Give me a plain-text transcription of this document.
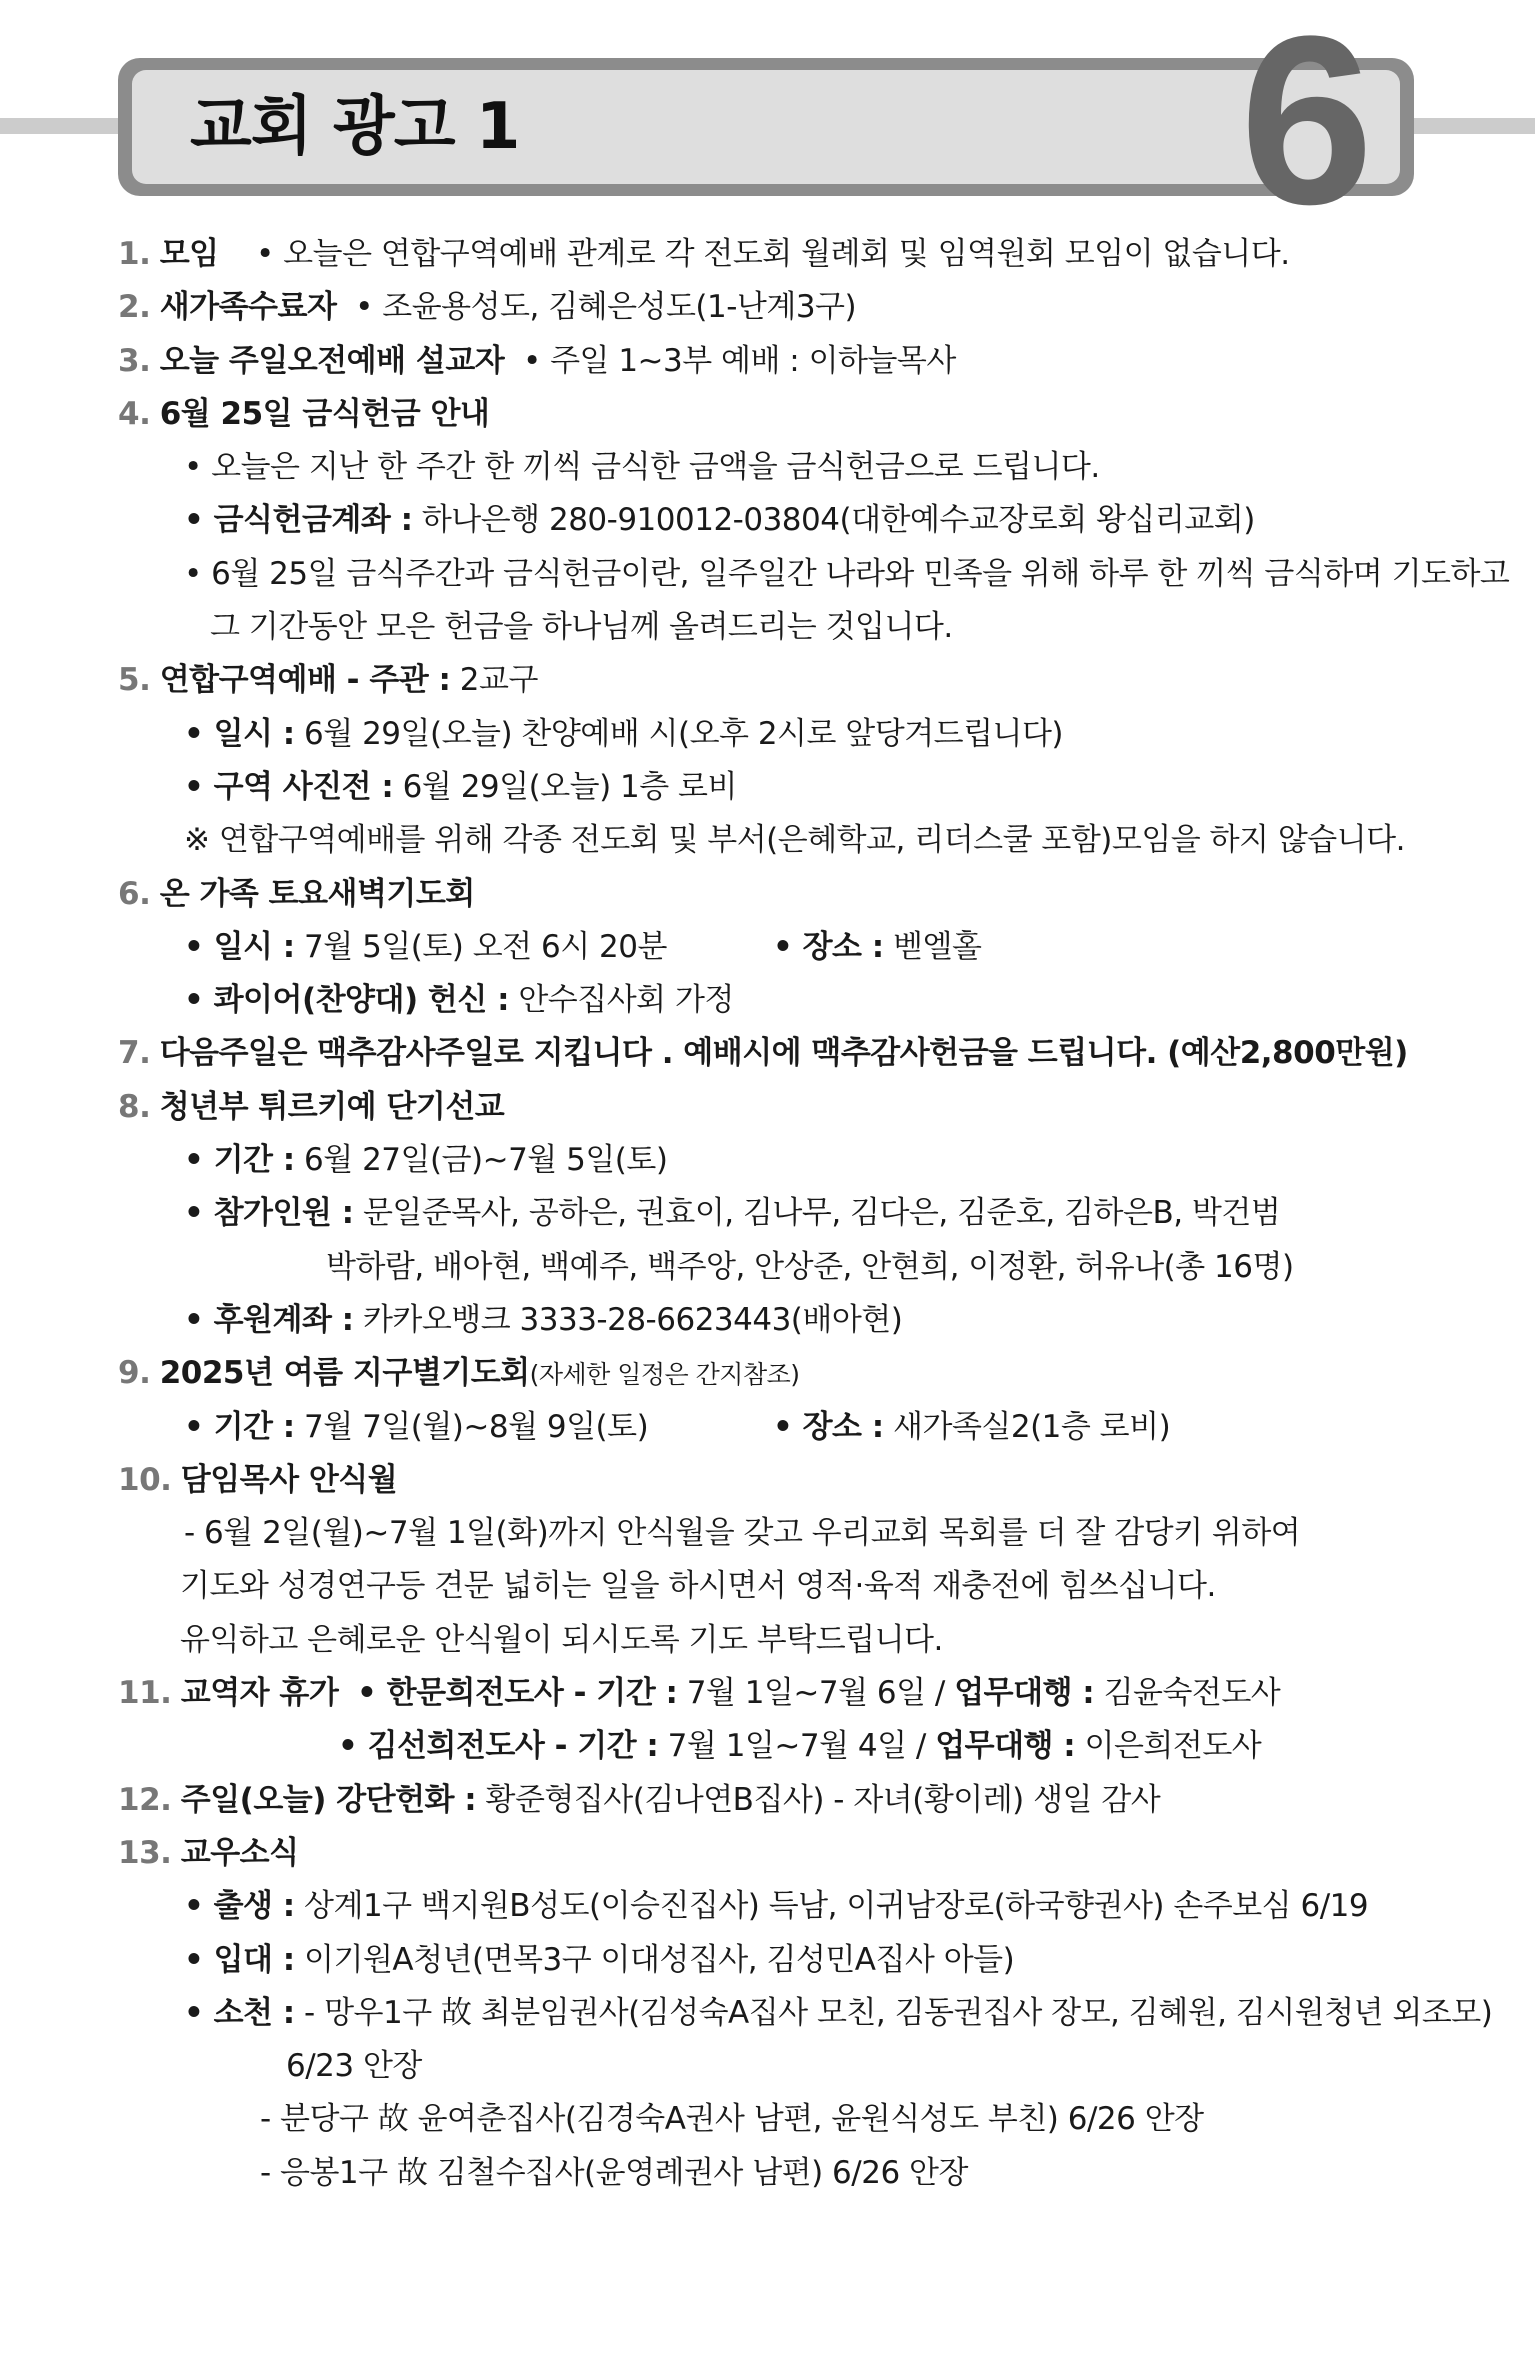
교회 광고 1	6
1. 모임 • 오늘은 연합구역예배 관계로 각 전도회 월례회 및 임역원회 모임이 없습니다.
2. 새가족수료자 • 조윤용성도, 김혜은성도(1-난계3구)
3. 오늘 주일오전예배 설교자 • 주일 1~3부 예배 : 이하늘목사
4. 6월 25일 금식헌금 안내
• 오늘은 지난 한 주간 한 끼씩 금식한 금액을 금식헌금으로 드립니다.
• 금식헌금계좌 : 하나은행 280-910012-03804(대한예수교장로회 왕십리교회)
• 6월 25일 금식주간과 금식헌금이란, 일주일간 나라와 민족을 위해 하루 한 끼씩 금식하며 기도하고
그 기간동안 모은 헌금을 하나님께 올려드리는 것입니다.
5. 연합구역예배 - 주관 : 2교구
• 일시 : 6월 29일(오늘) 찬양예배 시(오후 2시로 앞당겨드립니다)
• 구역 사진전 : 6월 29일(오늘) 1층 로비
※ 연합구역예배를 위해 각종 전도회 및 부서(은혜학교, 리더스쿨 포함)모임을 하지 않습니다.
6. 온 가족 토요새벽기도회
• 일시 : 7월 5일(토) 오전 6시 20분	• 장소 : 벧엘홀
• 콰이어(찬양대) 헌신 : 안수집사회 가정
7. 다음주일은 맥추감사주일로 지킵니다 . 예배시에 맥추감사헌금을 드립니다. (예산2,800만원)
8. 청년부 튀르키예 단기선교
• 기간 : 6월 27일(금)~7월 5일(토)
• 참가인원 : 문일준목사, 공하은, 권효이, 김나무, 김다은, 김준호, 김하은B, 박건범
박하람, 배아현, 백예주, 백주앙, 안상준, 안현희, 이정환, 허유나(총 16명)
• 후원계좌 : 카카오뱅크 3333-28-6623443(배아현)
9. 2025년 여름 지구별기도회(자세한 일정은 간지참조)
• 기간 : 7월 7일(월)~8월 9일(토)	• 장소 : 새가족실2(1층 로비)
10. 담임목사 안식월
- 6월 2일(월)~7월 1일(화)까지 안식월을 갖고 우리교회 목회를 더 잘 감당키 위하여
기도와 성경연구등 견문 넓히는 일을 하시면서 영적·육적 재충전에 힘쓰십니다.
유익하고 은혜로운 안식월이 되시도록 기도 부탁드립니다.
11. 교역자 휴가 • 한문희전도사 - 기간 : 7월 1일~7월 6일 / 업무대행 : 김윤숙전도사
• 김선희전도사 - 기간 : 7월 1일~7월 4일 / 업무대행 : 이은희전도사
12. 주일(오늘) 강단헌화 : 황준형집사(김나연B집사) - 자녀(황이레) 생일 감사
13. 교우소식
• 출생 : 상계1구 백지원B성도(이승진집사) 득남, 이귀남장로(하국향권사) 손주보심 6/19
• 입대 : 이기원A청년(면목3구 이대성집사, 김성민A집사 아들)
• 소천 : - 망우1구 故 최분임권사(김성숙A집사 모친, 김동권집사 장모, 김혜원, 김시원청년 외조모)
6/23 안장
- 분당구 故 윤여춘집사(김경숙A권사 남편, 윤원식성도 부친) 6/26 안장
- 응봉1구 故 김철수집사(윤영례권사 남편) 6/26 안장
